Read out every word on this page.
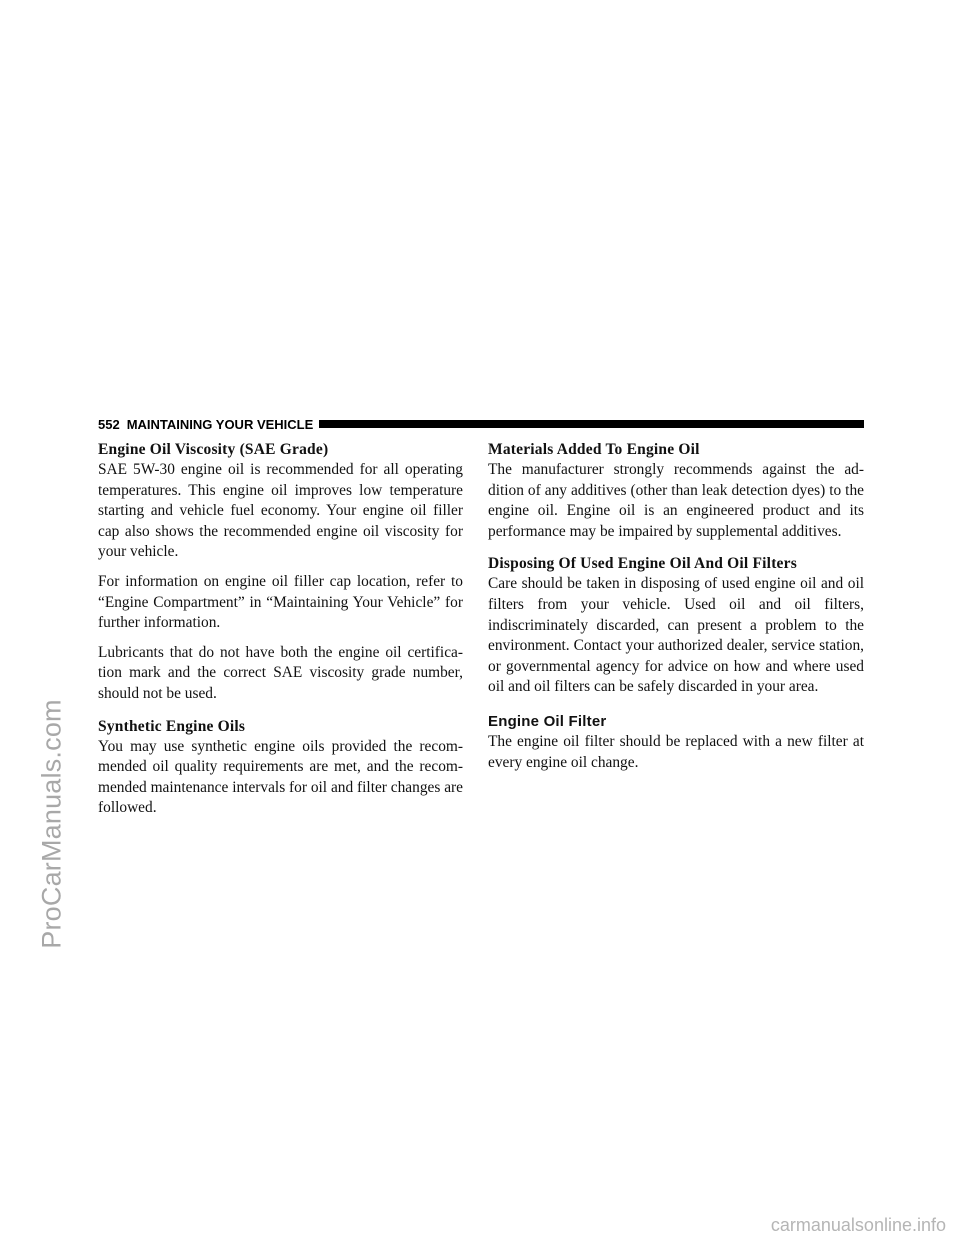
ProCarManuals.com
552 MAINTAINING YOUR VEHICLE
Engine Oil Viscosity (SAE Grade)

SAE 5W-30 engine oil is recommended for all operating temperatures. This engine oil improves low temperature starting and vehicle fuel economy. Your engine oil filler cap also shows the recommended engine oil viscosity for your vehicle.

For information on engine oil filler cap location, refer to “Engine Compartment” in “Maintaining Your Vehicle” for further information.

Lubricants that do not have both the engine oil certifica-tion mark and the correct SAE viscosity grade number, should not be used.

Synthetic Engine Oils

You may use synthetic engine oils provided the recom-mended oil quality requirements are met, and the recom-mended maintenance intervals for oil and filter changes are followed.

Materials Added To Engine Oil

The manufacturer strongly recommends against the ad-dition of any additives (other than leak detection dyes) to the engine oil. Engine oil is an engineered product and its performance may be impaired by supplemental additives.

Disposing Of Used Engine Oil And Oil Filters

Care should be taken in disposing of used engine oil and oil filters from your vehicle. Used oil and oil filters, indiscriminately discarded, can present a problem to the environment. Contact your authorized dealer, service station, or governmental agency for advice on how and where used oil and oil filters can be safely discarded in your area.

Engine Oil Filter

The engine oil filter should be replaced with a new filter at every engine oil change.

carmanualsonline.info
